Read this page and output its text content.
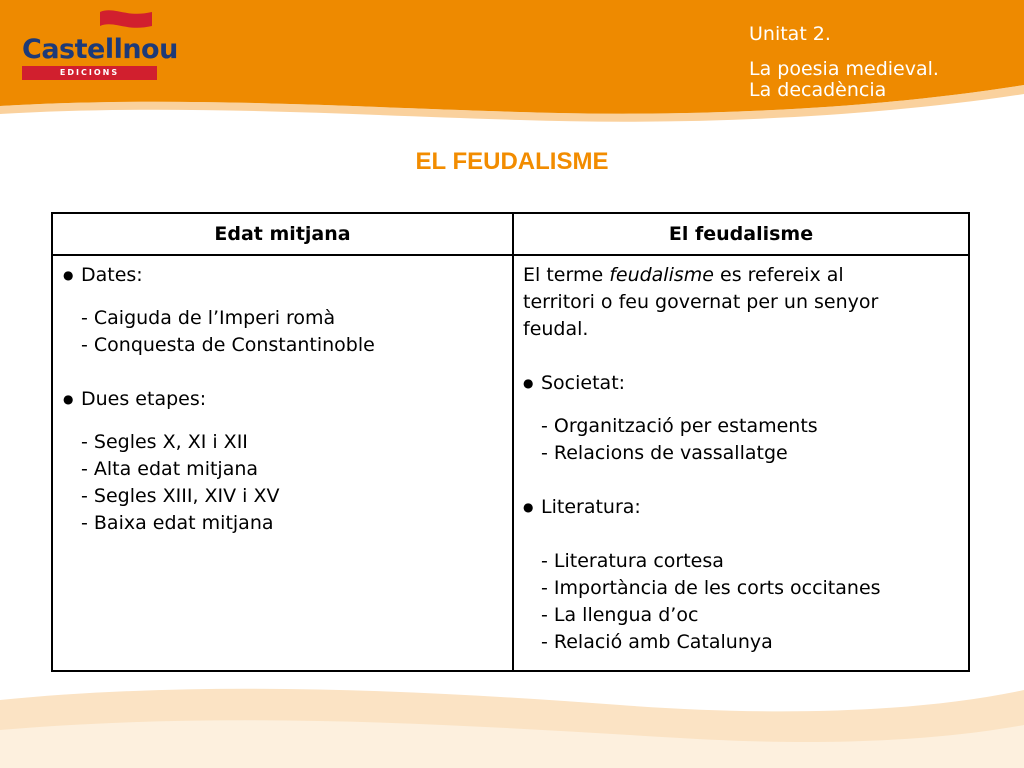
Castellnou
EDICIONS
Unitat 2.
La poesia medieval.
La decadència
EL FEUDALISME
Edat mitjana	El feudalisme
● Dates:
- Caiguda de l’Imperi romà
- Conquesta de Constantinoble
● Dues etapes:
- Segles X, XI i XII
- Alta edat mitjana
- Segles XIII, XIV i XV
- Baixa edat mitjana
El terme feudalisme es refereix al
territori o feu governat per un senyor
feudal.
● Societat:
- Organització per estaments
- Relacions de vassallatge
● Literatura:
- Literatura cortesa
- Importància de les corts occitanes
- La llengua d’oc
- Relació amb Catalunya
